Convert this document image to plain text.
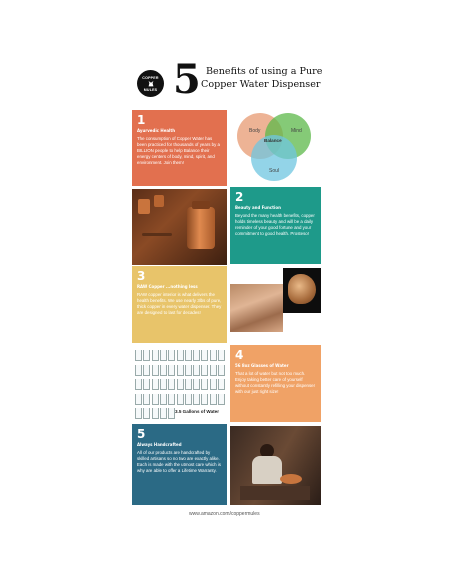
COPPER
MULES 5 Benefits of using a Pure
Copper Water Dispenser
1
Ayurvedic Health
The consumption of Copper Water has been practiced for thousands of years by a BILLION people to help Balance their energy centers of body, mind, spirit, and environment. Join them!
Body	Mind
Balance
Soul
2
Beauty and Function
Beyond the many health benefits, copper holds timeless beauty and will be a daily reminder of your good fortune and your commitment to good health. Prosteso!
3
RAW Copper ...nothing less
RAW copper interior is what delivers the health benefits. We use nearly 3lbs of pure, thick copper in every water dispenser. They are designed to last for decades!
3.5 Gallons of Water
4
56 8oz Glasses of Water
That a lot of water but not too much. Enjoy taking better care of yourself without constantly refilling your dispenser with our just right size!
5
Always Handcrafted
All of our products are handcrafted by skilled artisans so no two are exactly alike. Each is made with the utmost care which is why are able to offer a Lifetime Warranty.
www.amazon.com/coppermules
